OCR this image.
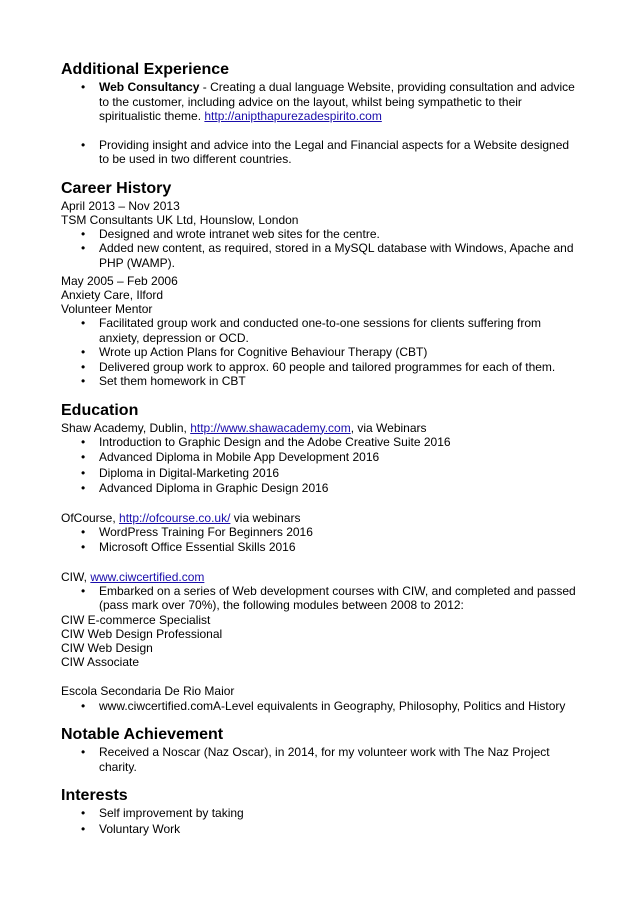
Additional Experience
• Web Consultancy - Creating a dual language Website, providing consultation and advice to the customer, including advice on the layout, whilst being sympathetic to their spiritualistic theme. http://anipthapurezadespirito.com
• Providing insight and advice into the Legal and Financial aspects for a Website designed to be used in two different countries.
Career History

April 2013 – Nov 2013

TSM Consultants UK Ltd, Hounslow, London

• Designed and wrote intranet web sites for the centre.
• Added new content, as required, stored in a MySQL database with Windows, Apache and PHP (WAMP).

May 2005 – Feb 2006

Anxiety Care, Ilford

Volunteer Mentor

• Facilitated group work and conducted one-to-one sessions for clients suffering from anxiety, depression or OCD.
• Wrote up Action Plans for Cognitive Behaviour Therapy (CBT)
• Delivered group work to approx. 60 people and tailored programmes for each of them.
• Set them homework in CBT
Education

Shaw Academy, Dublin, http://www.shawacademy.com, via Webinars

• Introduction to Graphic Design and the Adobe Creative Suite 2016
• Advanced Diploma in Mobile App Development 2016
• Diploma in Digital-Marketing 2016
• Advanced Diploma in Graphic Design 2016

OfCourse, http://ofcourse.co.uk/ via webinars

• WordPress Training For Beginners 2016
• Microsoft Office Essential Skills 2016

CIW, www.ciwcertified.com

• Embarked on a series of Web development courses with CIW, and completed and passed (pass mark over 70%), the following modules between 2008 to 2012:

CIW E-commerce Specialist

CIW Web Design Professional

CIW Web Design

CIW Associate

Escola Secondaria De Rio Maior

• www.ciwcertified.comA-Level equivalents in Geography, Philosophy, Politics and History
Notable Achievement
• Received a Noscar (Naz Oscar), in 2014, for my volunteer work with The Naz Project charity.
Interests
• Self improvement by taking
• Voluntary Work
